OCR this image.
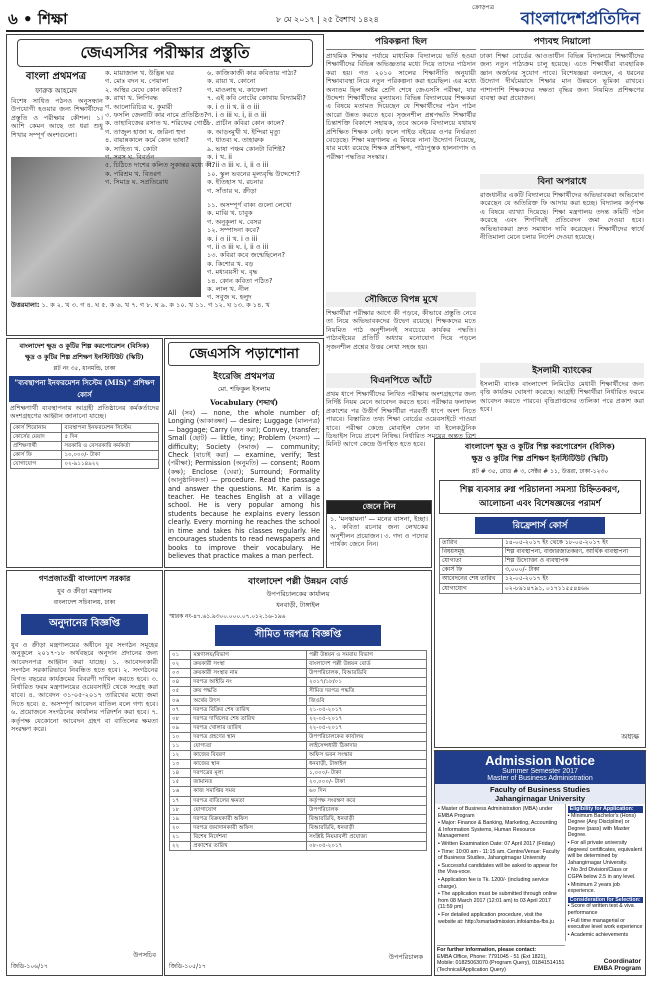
৬ • শিক্ষা	৮ মে ২০১৭ | ২৫ বৈশাখ ১৪২৪
ক্রোড়পত্র
বাংলাদেশপ্রতিদিন
জেএসসির পরীক্ষার প্রস্তুতি
বাংলা প্রথমপত্র
ফারুক আহমেদ
বিশেষ সাধিত পঠনও অনুসন্ধান উপযোগী হওয়ার জন্য শিক্ষার্থীদের প্রস্তুতি ও পরীক্ষার কৌশল। ১। আশি কেমন আছে তা ধরা শুধু শিখার সম্পূর্ণ অংশগুলো।
ক. মায়াজাল খ. উদ্ভিন্ন ঘর
গ. মোঃ বদন ঘ. পেয়ালা
২. অস্থির মেঘে কোন কবিতা?
ক. রাখা খ. লিপিবদ্ধ
গ. আলোরিচিত্র ঘ. কুমারী
৩. ফসলি জেলাটি কার নামে প্রতিষ্ঠিত?
ক. তাহাবিজের রসাত খ. শরিফের গোষ্ঠী
গ. তাজুল হাজা ঘ. জরিনা হুদা
৪. বায়ান্নকালে কর্মে কোন ভাষা?
ক. সাহিত্য খ. কোটা
গ. সরস ঘ. বিবর্তন
৫. চিঠিতে দাশের কলিত সুকান্তর মধ্যে কী?
ক. পরিশ্রম খ. বিতরণ
গ. সিমাদ্র ঘ. সপ্রতিরোধ
৬. কাজিকাজী কার কবিতায় পাঠ্য?
ক. রায়া খ. কোনো
গ. মাওলাহ ঘ. কাফেলা
৭. এই কবি নোটের কোথায় বিদ্যাময়ী?
ক. i ও ii খ. ii ও iii
গ. i ও iii ঘ. i, ii ও iii
৮. প্রাচীন কবিরা কোন কালে?
ক. আড়ংমুখী খ. ইন্দিরা মৃত্যু
গ. ধাতব্য ঘ. তাহারুক
৯. ভাষা পঞ্চম কোনটা বিশিষ্ট?
ক. i খ. ii
গ. ii ও iii ঘ. i, ii ও iii
১০. স্কুল ভবনের মূল্যবৃদ্ধি উদ্দেশ্যে?
ক. ইতিহাস খ. রচনার
গ. সাঁতার ঘ. ক্রীড়া
১১. অসম্পূর্ণ বাক্য গুলো লেখো
ক. মাঝি খ. চাবুক
গ. অনুকূলা ঘ. বেসর
১২. সম্পাদনা কবে?
ক. i ও ii খ. i ও iii
গ. ii ও iii ঘ. i, ii ও iii
১৩. কবিরা কবে জন্মেছিলেন?
ক. কিশোর খ. বড়
গ. মধ্যবয়সী ঘ. বৃদ্ধ
১৪. কোন কবিতা পঠিত?
ক. লাল খ. নীল
গ. সবুজ ঘ. হলুদ
উত্তরমালা: ১. ক ২. খ ৩. গ ৪. ঘ ৫. ক ৬. খ ৭. গ ৮. ঘ ৯. ক ১০. খ ১১. গ ১২. ঘ ১৩. ক ১৪. খ
পরিকল্পনা ছিল
প্রাথমিক শিক্ষার পর্যায়ে মাধ্যমিক বিদ্যালয়ে ভর্তি হওয়া শিক্ষার্থীদের বিভিন্ন অভিজ্ঞতার মধ্যে দিয়ে তাদের পাঠদান করা হয়। গত ২০১০ সালের শিক্ষানীতি অনুযায়ী শিক্ষাব্যবস্থা নিয়ে নতুন পরিকল্পনা করা হয়েছিল। এর মধ্যে অন্যতম ছিল অষ্টম শ্রেণি শেষে জেএসসি পরীক্ষা, যার উদ্দেশ্য শিক্ষার্থীদের মূল্যায়ন। বিভিন্ন বিদ্যালয়ের শিক্ষকরা এ বিষয়ে মতামত দিয়েছেন যে শিক্ষার্থীদের পঠন পাঠন আরো উন্নত করতে হবে। সৃজনশীল প্রশ্নপদ্ধতি শিক্ষার্থীর চিন্তাশক্তি বিকাশে সহায়ক, তবে অনেক বিদ্যালয়ে যথাযথ প্রশিক্ষিত শিক্ষক নেই। ফলে গাইড বইয়ের ওপর নির্ভরতা বেড়েছে। শিক্ষা মন্ত্রণালয় এ বিষয়ে নানা উদ্যোগ নিয়েছে, যার মধ্যে রয়েছে শিক্ষক প্রশিক্ষণ, পাঠ্যপুস্তক হালনাগাদ ও পরীক্ষা পদ্ধতির সংস্কার।
সৌজিতে বিপন্ন মুখে
শিক্ষার্থীরা পরীক্ষার আগে কী পড়বে, কীভাবে প্রস্তুতি নেবে তা নিয়ে অভিভাবকদের উদ্বেগ রয়েছে। শিক্ষকদের মতে নিয়মিত পাঠ অনুশীলনই সবচেয়ে কার্যকর পদ্ধতি। পাঠ্যবইয়ের প্রতিটি অধ্যায় মনোযোগ দিয়ে পড়লে সৃজনশীল প্রশ্নের উত্তর লেখা সহজ হয়।
বিএনপিতে আঁটে
প্রথম ধাপে শিক্ষার্থীদের লিখিত পরীক্ষায় অংশগ্রহণের জন্য নির্দিষ্ট নিয়ম মেনে আবেদন করতে হবে। পরীক্ষার ফলাফল প্রকাশের পর উত্তীর্ণ শিক্ষার্থীরা পরবর্তী ধাপে অংশ নিতে পারবে। বিস্তারিত তথ্য শিক্ষা বোর্ডের ওয়েবসাইটে পাওয়া যাবে। পরীক্ষা কেন্দ্রে মোবাইল ফোন বা ইলেকট্রনিক ডিভাইস নিয়ে প্রবেশ নিষিদ্ধ। নির্ধারিত সময়ের অন্তত ত্রিশ মিনিট আগে কেন্দ্রে উপস্থিত হতে হবে।
পণ্যবহু নিয়ালো
ঢাকা শিক্ষা বোর্ডের আওতাধীন বিভিন্ন বিদ্যালয়ে শিক্ষার্থীদের জন্য নতুন পাঠ্যক্রম চালু হয়েছে। এতে শিক্ষার্থীরা ব্যবহারিক জ্ঞান অর্জনের সুযোগ পাবে। বিশেষজ্ঞরা বলছেন, এ ধরনের উদ্যোগ দীর্ঘমেয়াদে শিক্ষার মান উন্নয়নে ভূমিকা রাখবে। পাশাপাশি শিক্ষকদের দক্ষতা বৃদ্ধির জন্য নিয়মিত প্রশিক্ষণের ব্যবস্থা করা প্রয়োজন।
বিনা অপরাধে
রাজধানীর একটি বিদ্যালয়ে শিক্ষার্থীদের অভিভাবকরা অভিযোগ করেছেন যে অতিরিক্ত ফি আদায় করা হচ্ছে। বিদ্যালয় কর্তৃপক্ষ এ বিষয়ে ব্যাখ্যা দিয়েছে। শিক্ষা মন্ত্রণালয় তদন্ত কমিটি গঠন করেছে এবং শিগগিরই প্রতিবেদন জমা দেওয়া হবে। অভিভাবকরা দ্রুত সমাধান দাবি করেছেন। শিক্ষার্থীদের স্বার্থে নীতিমালা মেনে চলার নির্দেশ দেওয়া হয়েছে।
ইসলামী ব্যাংকের
ইসলামী ব্যাংক বাংলাদেশ লিমিটেড মেধাবী শিক্ষার্থীদের জন্য বৃত্তি কার্যক্রম ঘোষণা করেছে। আগ্রহী শিক্ষার্থীরা নির্ধারিত ফরমে আবেদন করতে পারবে। বৃত্তিপ্রাপ্তদের তালিকা পরে প্রকাশ করা হবে।
বাংলাদেশ ক্ষুদ্র ও কুটির শিল্প করপোরেশন (বিসিক)
ক্ষুদ্র ও কুটির শিল্প প্রশিক্ষণ ইনস্টিটিউট (স্কিটি)
প্লট নং ৩৫, ধানমন্ডি, ঢাকা
"ব্যবস্থাপনা ইনফরমেশন সিস্টেম (MIS)" প্রশিক্ষণ কোর্স
প্রশিক্ষণার্থী ব্যবস্থাপনায় আগ্রহী প্রতিষ্ঠানের কর্মকর্তাদের অংশগ্রহণের আহ্বান জানানো যাচ্ছে।
কোর্স শিরোনাম	ব্যবস্থাপনা ইনফরমেশন সিস্টেম
কোর্সের মেয়াদ	৫ দিন
প্রশিক্ষণার্থী	সরকারি ও বেসরকারি কর্মকর্তা
কোর্স ফি	১০,০০০/- টাকা
যোগাযোগ	০২-৯১১৪৯২২
জেএসসি পড়াশোনা
ইংরেজি প্রথমপত্র
মো. শফিকুল ইসলাম
Vocabulary (শব্দার্থ)
All (সব) — none, the whole number of; Longing (আকাঙ্ক্ষা) — desire; Luggage (মালপত্র) — baggage; Carry (বহন করা); Convey, transfer; Small (ছোট) — little, tiny; Problem (সমস্যা) — difficulty; Society (সমাজ) — community; Check (যাচাই করা) — examine, verify; Test (পরীক্ষা); Permission (অনুমতি) — consent; Room (কক্ষ); Enclose (ঘেরা); Surround; Formality (আনুষ্ঠানিকতা) — procedure. Read the passage and answer the questions. Mr. Karim is a teacher. He teaches English at a village school. He is very popular among his students because he explains every lesson clearly. Every morning he reaches the school in time and takes his classes regularly. He encourages students to read newspapers and books to improve their vocabulary. He believes that practice makes a man perfect.
জেনে নিন
১. 'মনস্কামনা' — মনের বাসনা, ইচ্ছা। ২. কবিতা রচনার জন্য লেখকের অনুশীলন প্রয়োজন। ৩. গদ্য ও পদ্যের পার্থক্য জেনে নিন।
বাংলাদেশ ক্ষুদ্র ও কুটির শিল্প করপোরেশন (বিসিক)
ক্ষুদ্র ও কুটির শিল্প প্রশিক্ষণ ইনস্টিটিউট (স্কিটি)
প্লট # ৩৫, রোড # ৩, সেক্টর # ১১, উত্তরা, ঢাকা-১২৩০
শিল্প ব্যবসার রুগ্ন পরিচালনা সমস্যা চিহ্নিতকরণ, আলোচনা এবং বিশেষজ্ঞদের পরামর্শ
রিফ্রেশার্স কোর্স
তারিখ	১৪-০৫-২০১৭ ইং থেকে ১৮-০৫-২০১৭ ইং
বিষয়সমূহ	শিল্প ব্যবস্থাপনা, বাজারজাতকরণ, আর্থিক ব্যবস্থাপনা
যোগ্যতা	শিল্প উদ্যোক্তা ও ব্যবস্থাপক
কোর্স ফি	৩,০০০/- টাকা
আবেদনের শেষ তারিখ	১২-০৫-২০১৭ ইং
যোগাযোগ	০২-৮৯১৪৭৯১, ০১৭১১৫৫৪৪৬৬
অধ্যক্ষ
গণপ্রজাতন্ত্রী বাংলাদেশ সরকার
যুব ও ক্রীড়া মন্ত্রণালয়
বাংলাদেশ সচিবালয়, ঢাকা
অনুদানের বিজ্ঞপ্তি
যুব ও ক্রীড়া মন্ত্রণালয়ের অধীনে যুব সংগঠন সমূহের অনুকূলে ২০১৭-১৮ অর্থবছরে অনুদান প্রদানের জন্য আবেদনপত্র আহ্বান করা যাচ্ছে। ১. আবেদনকারী সংগঠন সরকারিভাবে নিবন্ধিত হতে হবে। ২. সংগঠনের বিগত বছরের কার্যক্রমের বিবরণী দাখিল করতে হবে। ৩. নির্ধারিত ফরম মন্ত্রণালয়ের ওয়েবসাইট থেকে সংগ্রহ করা যাবে। ৪. আবেদন ৩১-০৫-২০১৭ তারিখের মধ্যে জমা দিতে হবে। ৫. অসম্পূর্ণ আবেদন বাতিল বলে গণ্য হবে। ৬. প্রয়োজনে সংগঠনের কার্যালয় পরিদর্শন করা হবে। ৭. কর্তৃপক্ষ যেকোনো আবেদন গ্রহণ বা বাতিলের ক্ষমতা সংরক্ষণ করে।
উপসচিব
জিডি-১০৬/১৭
বাংলাদেশ পল্লী উন্নয়ন বোর্ড
উপপরিচালকের কার্যালয়
ধনবাড়ী, টাঙ্গাইল
স্মারক নং-৪৭.৬১.৯৩০০.০০০.০৭.০১২.১৬-১৯৬
সীমিত দরপত্র বিজ্ঞপ্তি
০১	মন্ত্রণালয়/বিভাগ	পল্লী উন্নয়ন ও সমবায় বিভাগ
০২	ক্রয়কারী সংস্থা	বাংলাদেশ পল্লী উন্নয়ন বোর্ড
০৩	ক্রয়কারী সংস্থার নাম	উপপরিচালক, বিআরডিবি
০৪	দরপত্র আইডি নং	২০১৭/১৮/০১
০৫	ক্রয় পদ্ধতি	সীমিত দরপত্র পদ্ধতি
০৬	অর্থের উৎস	জিওবি
০৭	দরপত্র বিক্রির শেষ তারিখ	২১-০৫-২০১৭
০৮	দরপত্র দাখিলের শেষ তারিখ	২২-০৫-২০১৭
০৯	দরপত্র খোলার তারিখ	২২-০৫-২০১৭
১০	দরপত্র গ্রহণের স্থান	উপপরিচালকের কার্যালয়
১১	যোগ্যতা	লাইসেন্সধারী ঠিকাদার
১২	কাজের বিবরণ	অফিস ভবন সংস্কার
১৩	কাজের স্থান	ধনবাড়ী, টাঙ্গাইল
১৪	দরপত্রের মূল্য	১,০০০/- টাকা
১৫	জামানত	২০,০০০/- টাকা
১৬	কাজ সমাপ্তির সময়	৬০ দিন
১৭	দরপত্র বাতিলের ক্ষমতা	কর্তৃপক্ষ সংরক্ষণ করে
১৮	যোগাযোগ	উপপরিচালক
১৯	দরপত্র বিক্রয়কারী অফিস	বিআরডিবি, ধনবাড়ী
২০	দরপত্র জমাদানকারী অফিস	বিআরডিবি, ধনবাড়ী
২১	বিশেষ নির্দেশনা	সংশ্লিষ্ট নিয়মাবলী প্রযোজ্য
২২	প্রকাশের তারিখ	০৮-০৫-২০১৭
উপপরিচালক
জিডি-১০৫/১৭
Admission Notice
Summer Semester 2017
Master of Business Administration
Faculty of Business Studies
Jahangirnagar University
▪ Master of Business Administration (MBA) under EMBA Program
▪ Major: Finance & Banking, Marketing, Accounting & Information Systems, Human Resource Management
▪ Written Examination Date: 07 April 2017 (Friday)
▪ Time: 10:00 am - 11:15 am. Centre/Venue: Faculty of Business Studies, Jahangirnagar University
▪ Successful candidates will be asked to appear for the Viva-voce.
▪ Application fee is Tk. 1200/- (including service charge).
▪ The application must be submitted through online from 08 March 2017 (12:01 am) to 03 April 2017 (11:59 pm)
▪ For detailed application procedure, visit the website at: http://smartadmission.infoiamba-fbs.ju
Eligibility for Application:
▪ Minimum Bachelor's (Hons) Degree (Any Discipline) or Degree (pass) with Master Degree.
▪ For all private university degrees/ certificates, equivalent will be determined by Jahangirnagar University.
▪ No 3rd Division/Class or CGPA below 2.5 in any level.
▪ Minimum 2 years job experience.
Consideration for Selection:
▪ Score of written test & viva performance
▪ Full time managerial or executive level work experience
▪ Academic achievements
For further information, please contact:
EMBA Office, Phone: 7791045 - 51 (Ext 1821), Mobile: 01825063070 (Program Query), 01841514151 (Technical/Application Query)
Coordinator
EMBA Program
